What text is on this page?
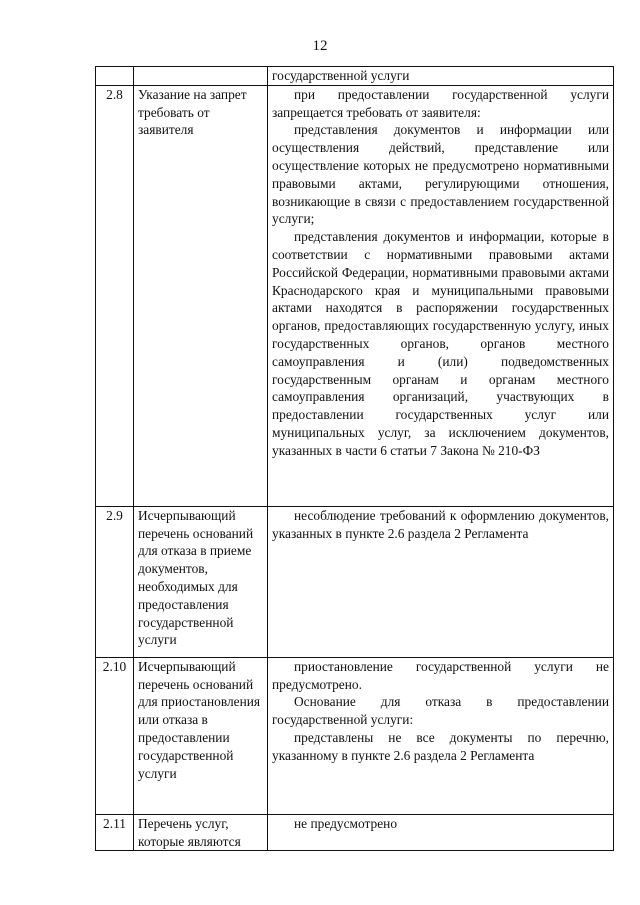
12

		государственной услуги

2.8	Указание на запрет требовать от заявителя	при предоставлении государственной услуги запрещается требовать от заявителя:

представления документов и информации или осуществления действий, представление или осуществление которых не предусмотрено нормативными правовыми актами, регулирующими отношения, возникающие в связи с предоставлением государственной услуги;

представления документов и информации, которые в соответствии с нормативными правовыми актами Российской Федерации, нормативными правовыми актами Краснодарского края и муниципальными правовыми актами находятся в распоряжении государственных органов, предоставляющих государственную услугу, иных государственных органов, органов местного самоуправления и (или) подведомственных государственным органам и органам местного самоуправления организаций, участвующих в предоставлении государственных услуг или муниципальных услуг, за исключением документов, указанных в части 6 статьи 7 Закона № 210-ФЗ

2.9	Исчерпывающий перечень оснований для отказа в приеме документов, необходимых для предоставления государственной услуги	несоблюдение требований к оформлению документов, указанных в пункте 2.6 раздела 2 Регламента

2.10	Исчерпывающий перечень оснований для приостановления или отказа в предоставлении государственной услуги	приостановление государственной услуги не предусмотрено.

Основание для отказа в предоставлении государственной услуги:

представлены не все документы по перечню, указанному в пункте 2.6 раздела 2 Регламента

2.11	Перечень услуг, которые являются	не предусмотрено
